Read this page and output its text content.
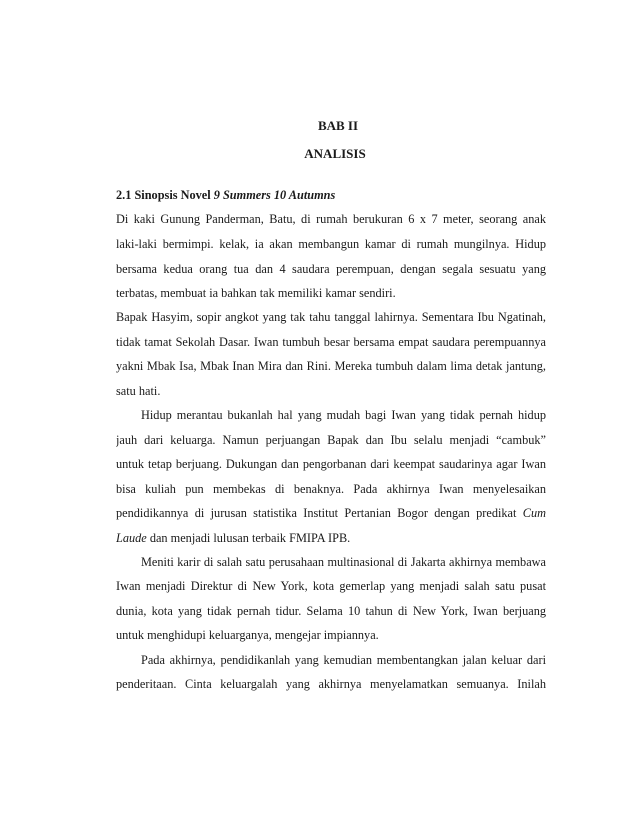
BAB II
ANALISIS
2.1 Sinopsis Novel 9 Summers 10 Autumns
Di kaki Gunung Panderman, Batu, di rumah berukuran 6 x 7 meter, seorang anak
laki-laki bermimpi. kelak, ia akan membangun kamar di rumah mungilnya. Hidup
bersama kedua orang tua dan 4 saudara perempuan, dengan segala sesuatu yang
terbatas, membuat ia bahkan tak memiliki kamar sendiri.
Bapak Hasyim, sopir angkot yang tak tahu tanggal lahirnya. Sementara Ibu Ngatinah,
tidak tamat Sekolah Dasar. Iwan tumbuh besar bersama empat saudara perempuannya
yakni Mbak Isa, Mbak Inan Mira dan Rini. Mereka tumbuh dalam lima detak jantung,
satu hati.
Hidup merantau bukanlah hal yang mudah bagi Iwan yang tidak pernah hidup
jauh dari keluarga. Namun perjuangan Bapak dan Ibu selalu menjadi “cambuk”
untuk tetap berjuang. Dukungan dan pengorbanan dari keempat saudarinya agar Iwan
bisa kuliah pun membekas di benaknya. Pada akhirnya Iwan menyelesaikan
pendidikannya di jurusan statistika Institut Pertanian Bogor dengan predikat Cum
Laude dan menjadi lulusan terbaik FMIPA IPB.
Meniti karir di salah satu perusahaan multinasional di Jakarta akhirnya membawa
Iwan menjadi Direktur di New York, kota gemerlap yang menjadi salah satu pusat
dunia, kota yang tidak pernah tidur. Selama 10 tahun di New York, Iwan berjuang
untuk menghidupi keluarganya, mengejar impiannya.
Pada akhirnya, pendidikanlah yang kemudian membentangkan jalan keluar dari
penderitaan. Cinta keluargalah yang akhirnya menyelamatkan semuanya. Inilah
